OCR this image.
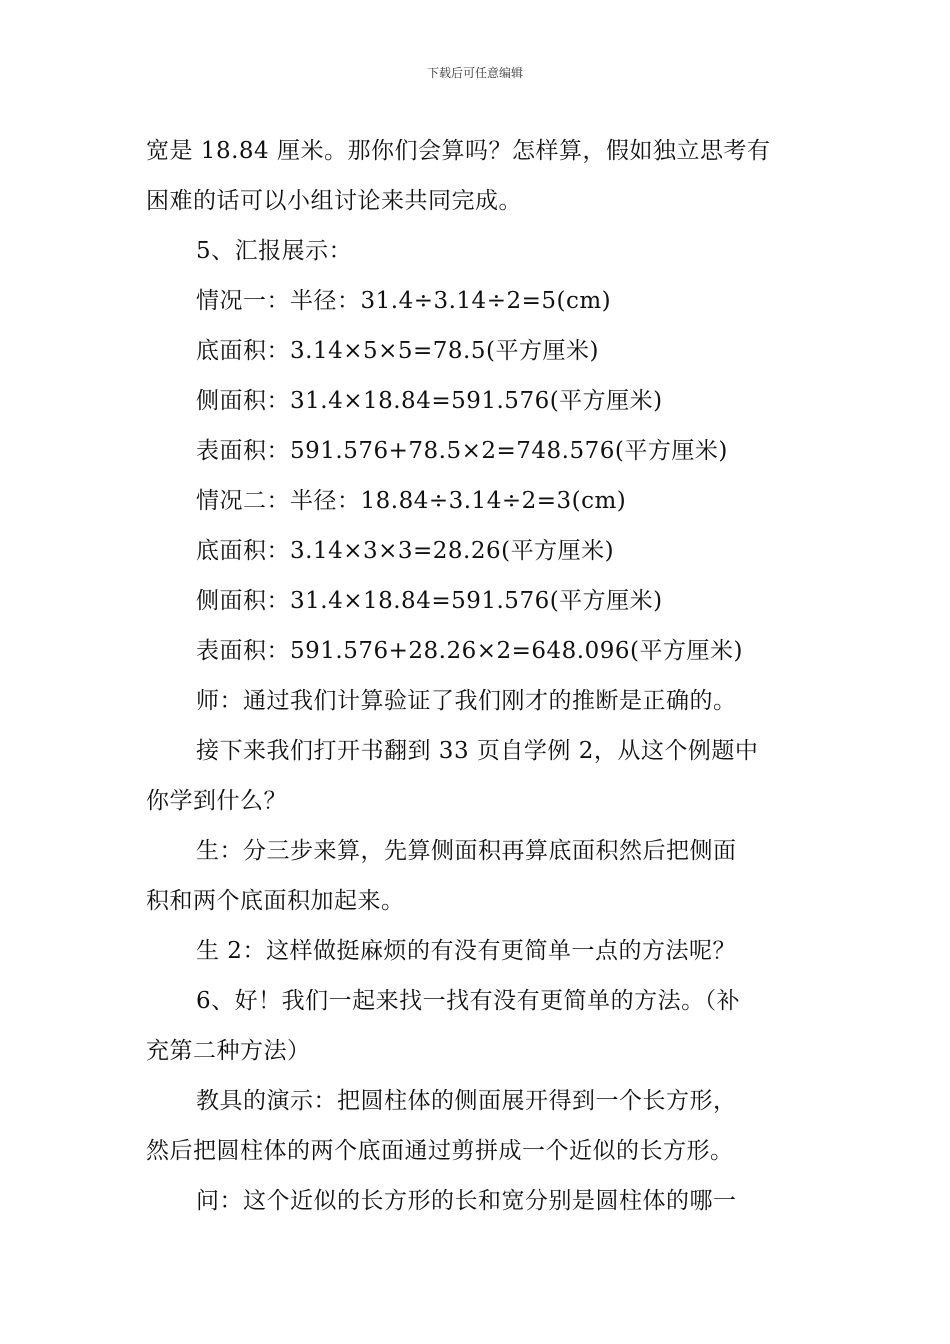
下载后可任意编辑
宽是 18.84 厘米。那你们会算吗？怎样算，假如独立思考有
困难的话可以小组讨论来共同完成。
5、汇报展示：
情况一：半径：31.4÷3.14÷2=5(cm)
底面积：3.14×5×5=78.5(平方厘米)
侧面积：31.4×18.84=591.576(平方厘米)
表面积：591.576+78.5×2=748.576(平方厘米)
情况二：半径：18.84÷3.14÷2=3(cm)
底面积：3.14×3×3=28.26(平方厘米)
侧面积：31.4×18.84=591.576(平方厘米)
表面积：591.576+28.26×2=648.096(平方厘米)
师：通过我们计算验证了我们刚才的推断是正确的。
接下来我们打开书翻到 33 页自学例 2，从这个例题中
你学到什么？
生：分三步来算，先算侧面积再算底面积然后把侧面
积和两个底面积加起来。
生 2：这样做挺麻烦的有没有更简单一点的方法呢？
6、好！我们一起来找一找有没有更简单的方法。（补
充第二种方法）
教具的演示：把圆柱体的侧面展开得到一个长方形，
然后把圆柱体的两个底面通过剪拼成一个近似的长方形。
问：这个近似的长方形的长和宽分别是圆柱体的哪一
